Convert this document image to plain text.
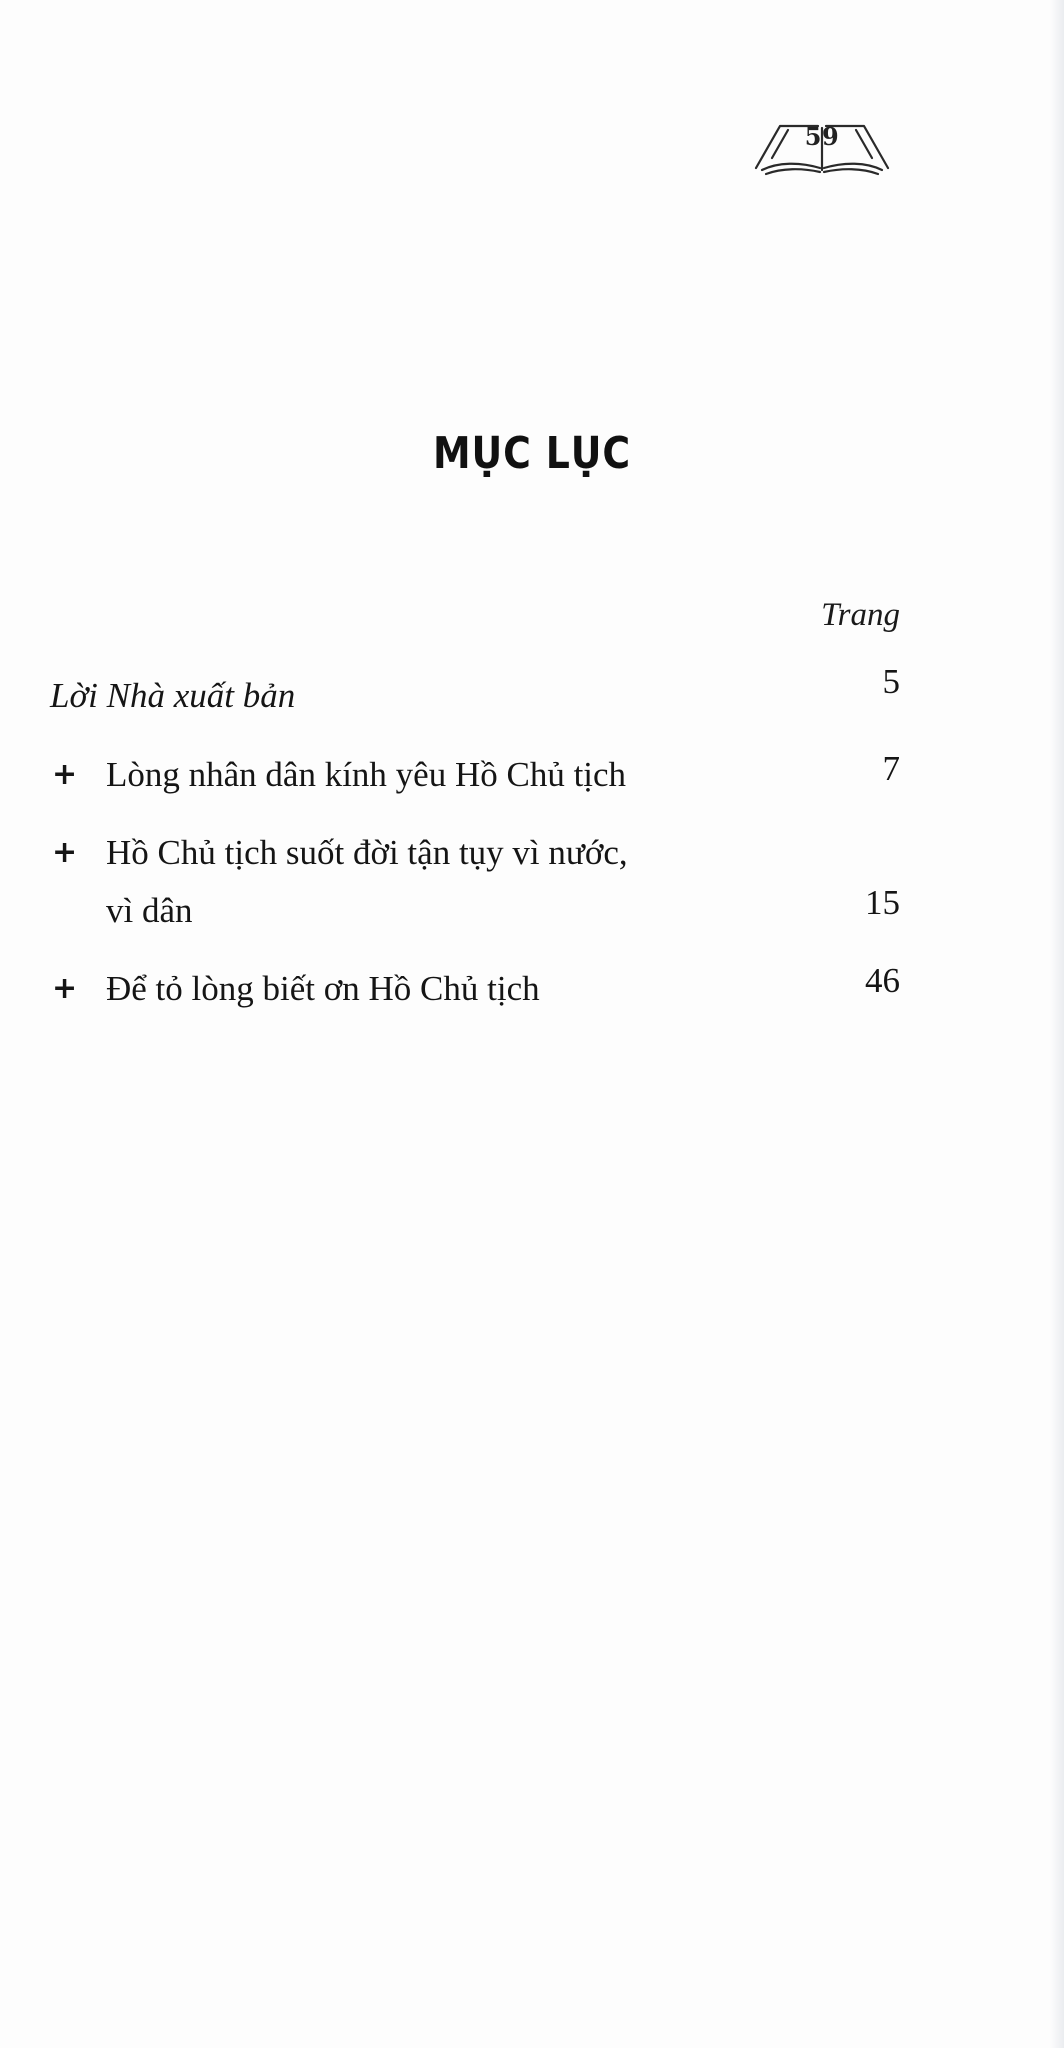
59
MỤC LỤC
Trang
Lời Nhà xuất bản	5
+ Lòng nhân dân kính yêu Hồ Chủ tịch	7
+ Hồ Chủ tịch suốt đời tận tụy vì nước,
vì dân	15
+ Để tỏ lòng biết ơn Hồ Chủ tịch	46
